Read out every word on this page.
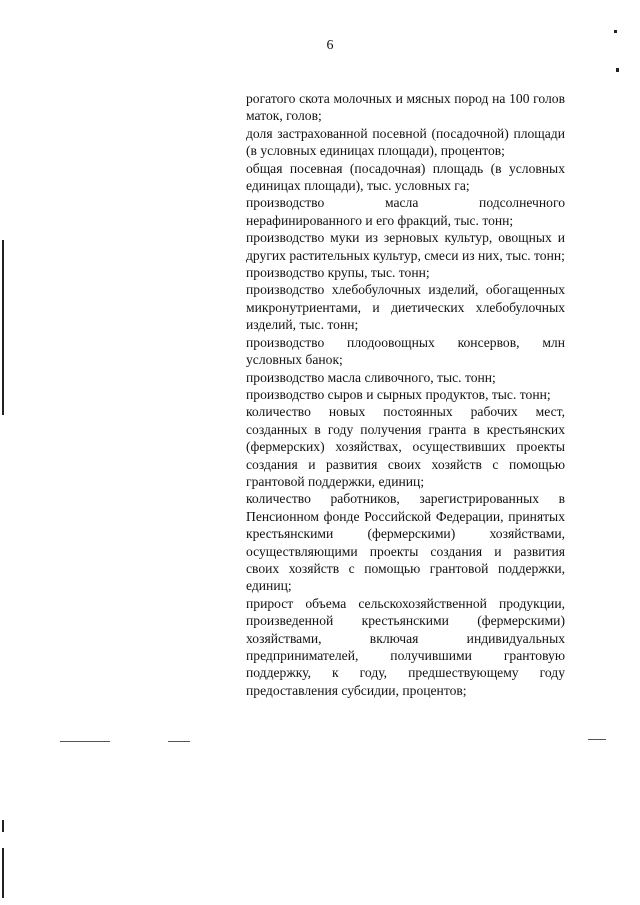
6

рогатого скота молочных и мясных пород на 100 голов маток, голов;

доля застрахованной посевной (посадочной) площади (в условных единицах площади), процентов;

общая посевная (посадочная) площадь (в условных единицах площади), тыс. условных га;

производство масла подсолнечного нерафинированного и его фракций, тыс. тонн;

производство муки из зерновых культур, овощных и других растительных культур, смеси из них, тыс. тонн;

производство крупы, тыс. тонн;

производство хлебобулочных изделий, обогащенных микронутриентами, и диетических хлебобулочных изделий, тыс. тонн;

производство плодоовощных консервов, млн условных банок;

производство масла сливочного, тыс. тонн;

производство сыров и сырных продуктов, тыс. тонн;

количество новых постоянных рабочих мест, созданных в году получения гранта в крестьянских (фермерских) хозяйствах, осуществивших проекты создания и развития своих хозяйств с помощью грантовой поддержки, единиц;

количество работников, зарегистрированных в Пенсионном фонде Российской Федерации, принятых крестьянскими (фермерскими) хозяйствами, осуществляющими проекты создания и развития своих хозяйств с помощью грантовой поддержки, единиц;

прирост объема сельскохозяйственной продукции, произведенной крестьянскими (фермерскими) хозяйствами, включая индивидуальных предпринимателей, получившими грантовую поддержку, к году, предшествующему году предоставления субсидии, процентов;
